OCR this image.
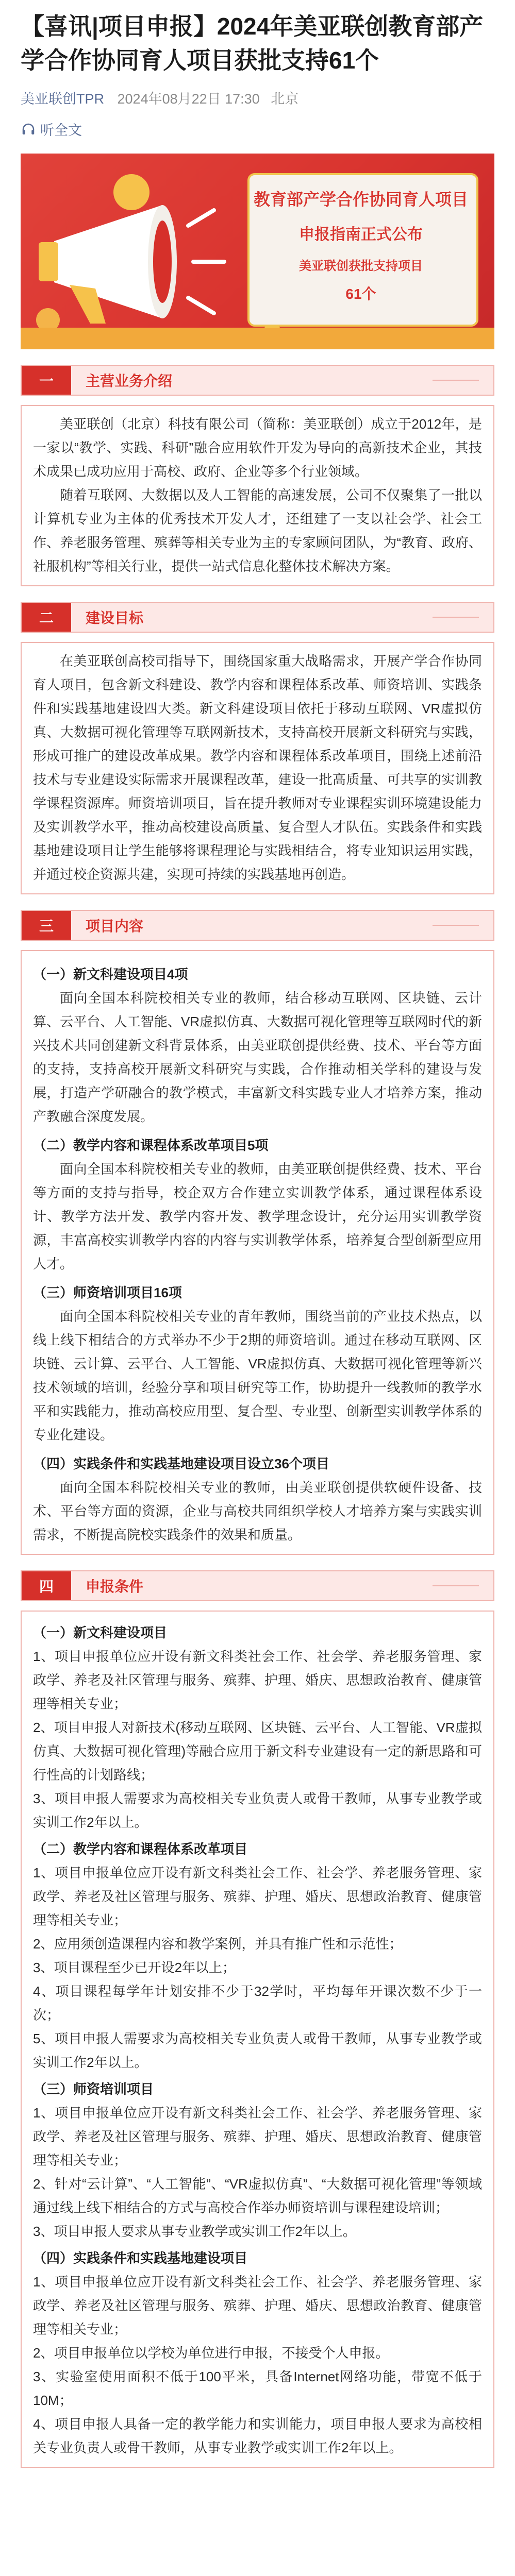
【喜讯|项目申报】2024年美亚联创教育部产学合作协同育人项目获批支持61个
美亚联创TPR 2024年08月22日 17:30 北京
听全文
教育部产学合作协同育人项目
申报指南正式公布
美亚联创获批支持项目
61个
一	主营业务介绍

美亚联创（北京）科技有限公司（简称：美亚联创）成立于2012年，是一家以“教学、实践、科研”融合应用软件开发为导向的高新技术企业，其技术成果已成功应用于高校、政府、企业等多个行业领域。

随着互联网、大数据以及人工智能的高速发展，公司不仅聚集了一批以计算机专业为主体的优秀技术开发人才，还组建了一支以社会学、社会工作、养老服务管理、殡葬等相关专业为主的专家顾问团队，为“教育、政府、社服机构”等相关行业，提供一站式信息化整体技术解决方案。

二	建设目标

在美亚联创高校司指导下，围绕国家重大战略需求，开展产学合作协同育人项目，包含新文科建设、教学内容和课程体系改革、师资培训、实践条件和实践基地建设四大类。新文科建设项目依托于移动互联网、VR虚拟仿真、大数据可视化管理等互联网新技术，支持高校开展新文科研究与实践，形成可推广的建设改革成果。教学内容和课程体系改革项目，围绕上述前沿技术与专业建设实际需求开展课程改革，建设一批高质量、可共享的实训教学课程资源库。师资培训项目，旨在提升教师对专业课程实训环境建设能力及实训教学水平，推动高校建设高质量、复合型人才队伍。实践条件和实践基地建设项目让学生能够将课程理论与实践相结合，将专业知识运用实践，并通过校企资源共建，实现可持续的实践基地再创造。

三	项目内容

（一）新文科建设项目4项

面向全国本科院校相关专业的教师，结合移动互联网、区块链、云计算、云平台、人工智能、VR虚拟仿真、大数据可视化管理等互联网时代的新兴技术共同创建新文科背景体系，由美亚联创提供经费、技术、平台等方面的支持，支持高校开展新文科研究与实践，合作推动相关学科的建设与发展，打造产学研融合的教学模式，丰富新文科实践专业人才培养方案，推动产教融合深度发展。

（二）教学内容和课程体系改革项目5项

面向全国本科院校相关专业的教师，由美亚联创提供经费、技术、平台等方面的支持与指导，校企双方合作建立实训教学体系，通过课程体系设计、教学方法开发、教学内容开发、教学理念设计，充分运用实训教学资源，丰富高校实训教学内容的内容与实训教学体系，培养复合型创新型应用人才。

（三）师资培训项目16项

面向全国本科院校相关专业的青年教师，围绕当前的产业技术热点，以线上线下相结合的方式举办不少于2期的师资培训。通过在移动互联网、区块链、云计算、云平台、人工智能、VR虚拟仿真、大数据可视化管理等新兴技术领域的培训，经验分享和项目研究等工作，协助提升一线教师的教学水平和实践能力，推动高校应用型、复合型、专业型、创新型实训教学体系的专业化建设。

（四）实践条件和实践基地建设项目设立36个项目

面向全国本科院校相关专业的教师，由美亚联创提供软硬件设备、技术、平台等方面的资源，企业与高校共同组织学校人才培养方案与实践实训需求，不断提高院校实践条件的效果和质量。

四	申报条件

（一）新文科建设项目

1、项目申报单位应开设有新文科类社会工作、社会学、养老服务管理、家政学、养老及社区管理与服务、殡葬、护理、婚庆、思想政治教育、健康管理等相关专业；

2、项目申报人对新技术(移动互联网、区块链、云平台、人工智能、VR虚拟仿真、大数据可视化管理)等融合应用于新文科专业建设有一定的新思路和可行性高的计划路线；

3、项目申报人需要求为高校相关专业负责人或骨干教师，从事专业教学或实训工作2年以上。

（二）教学内容和课程体系改革项目

1、项目申报单位应开设有新文科类社会工作、社会学、养老服务管理、家政学、养老及社区管理与服务、殡葬、护理、婚庆、思想政治教育、健康管理等相关专业；

2、应用须创造课程内容和教学案例，并具有推广性和示范性；

3、项目课程至少已开设2年以上；

4、项目课程每学年计划安排不少于32学时，平均每年开课次数不少于一次；

5、项目申报人需要求为高校相关专业负责人或骨干教师，从事专业教学或实训工作2年以上。

（三）师资培训项目

1、项目申报单位应开设有新文科类社会工作、社会学、养老服务管理、家政学、养老及社区管理与服务、殡葬、护理、婚庆、思想政治教育、健康管理等相关专业；

2、针对“云计算”、“人工智能”、“VR虚拟仿真”、“大数据可视化管理”等领域通过线上线下相结合的方式与高校合作举办师资培训与课程建设培训；

3、项目申报人要求从事专业教学或实训工作2年以上。

（四）实践条件和实践基地建设项目

1、项目申报单位应开设有新文科类社会工作、社会学、养老服务管理、家政学、养老及社区管理与服务、殡葬、护理、婚庆、思想政治教育、健康管理等相关专业；

2、项目申报单位以学校为单位进行申报，不接受个人申报。

3、实验室使用面积不低于100平米，具备Internet网络功能，带宽不低于10M；

4、项目申报人具备一定的教学能力和实训能力，项目申报人要求为高校相关专业负责人或骨干教师，从事专业教学或实训工作2年以上。
